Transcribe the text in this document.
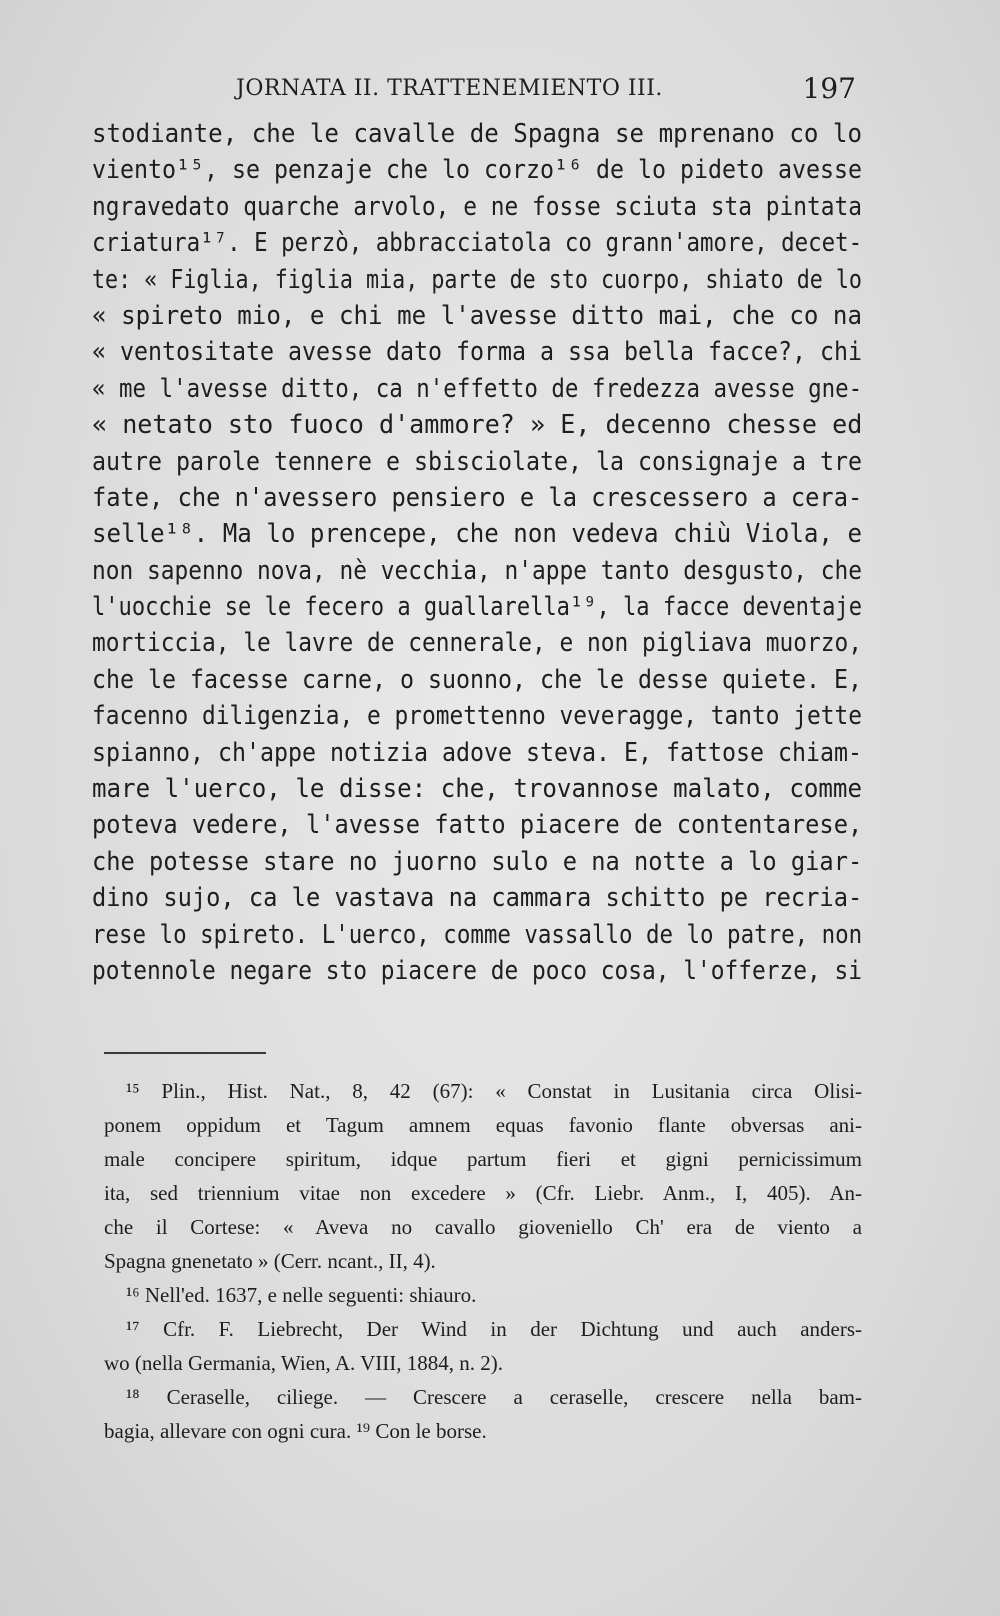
JORNATA II. TRATTENEMIENTO III.	197
stodiante, che le cavalle de Spagna se mprenano co lo
viento¹⁵, se penzaje che lo corzo¹⁶ de lo pideto avesse
ngravedato quarche arvolo, e ne fosse sciuta sta pintata
criatura¹⁷. E perzò, abbracciatola co grann'amore, decet-
te: « Figlia, figlia mia, parte de sto cuorpo, shiato de lo
« spireto mio, e chi me l'avesse ditto mai, che co na
« ventositate avesse dato forma a ssa bella facce?, chi
« me l'avesse ditto, ca n'effetto de fredezza avesse gne-
« netato sto fuoco d'ammore? » E, decenno chesse ed
autre parole tennere e sbisciolate, la consignaje a tre
fate, che n'avessero pensiero e la crescessero a cera-
selle¹⁸. Ma lo prencepe, che non vedeva chiù Viola, e
non sapenno nova, nè vecchia, n'appe tanto desgusto, che
l'uocchie se le fecero a guallarella¹⁹, la facce deventaje
morticcia, le lavre de cennerale, e non pigliava muorzo,
che le facesse carne, o suonno, che le desse quiete. E,
facenno diligenzia, e promettenno veveragge, tanto jette
spianno, ch'appe notizia adove steva. E, fattose chiam-
mare l'uerco, le disse: che, trovannose malato, comme
poteva vedere, l'avesse fatto piacere de contentarese,
che potesse stare no juorno sulo e na notte a lo giar-
dino sujo, ca le vastava na cammara schitto pe recria-
rese lo spireto. L'uerco, comme vassallo de lo patre, non
potennole negare sto piacere de poco cosa, l'offerze, si
¹⁵ Plin., Hist. Nat., 8, 42 (67): « Constat in Lusitania circa Olisi-
ponem oppidum et Tagum amnem equas favonio flante obversas ani-
male concipere spiritum, idque partum fieri et gigni pernicissimum
ita, sed triennium vitae non excedere » (Cfr. Liebr. Anm., I, 405). An-
che il Cortese: « Aveva no cavallo gioveniello Ch' era de viento a
Spagna gnenetato » (Cerr. ncant., II, 4).
¹⁶ Nell'ed. 1637, e nelle seguenti: shiauro.
¹⁷ Cfr. F. Liebrecht, Der Wind in der Dichtung und auch anders-
wo (nella Germania, Wien, A. VIII, 1884, n. 2).
¹⁸ Ceraselle, ciliege. — Crescere a ceraselle, crescere nella bam-
bagia, allevare con ogni cura. ¹⁹ Con le borse.
